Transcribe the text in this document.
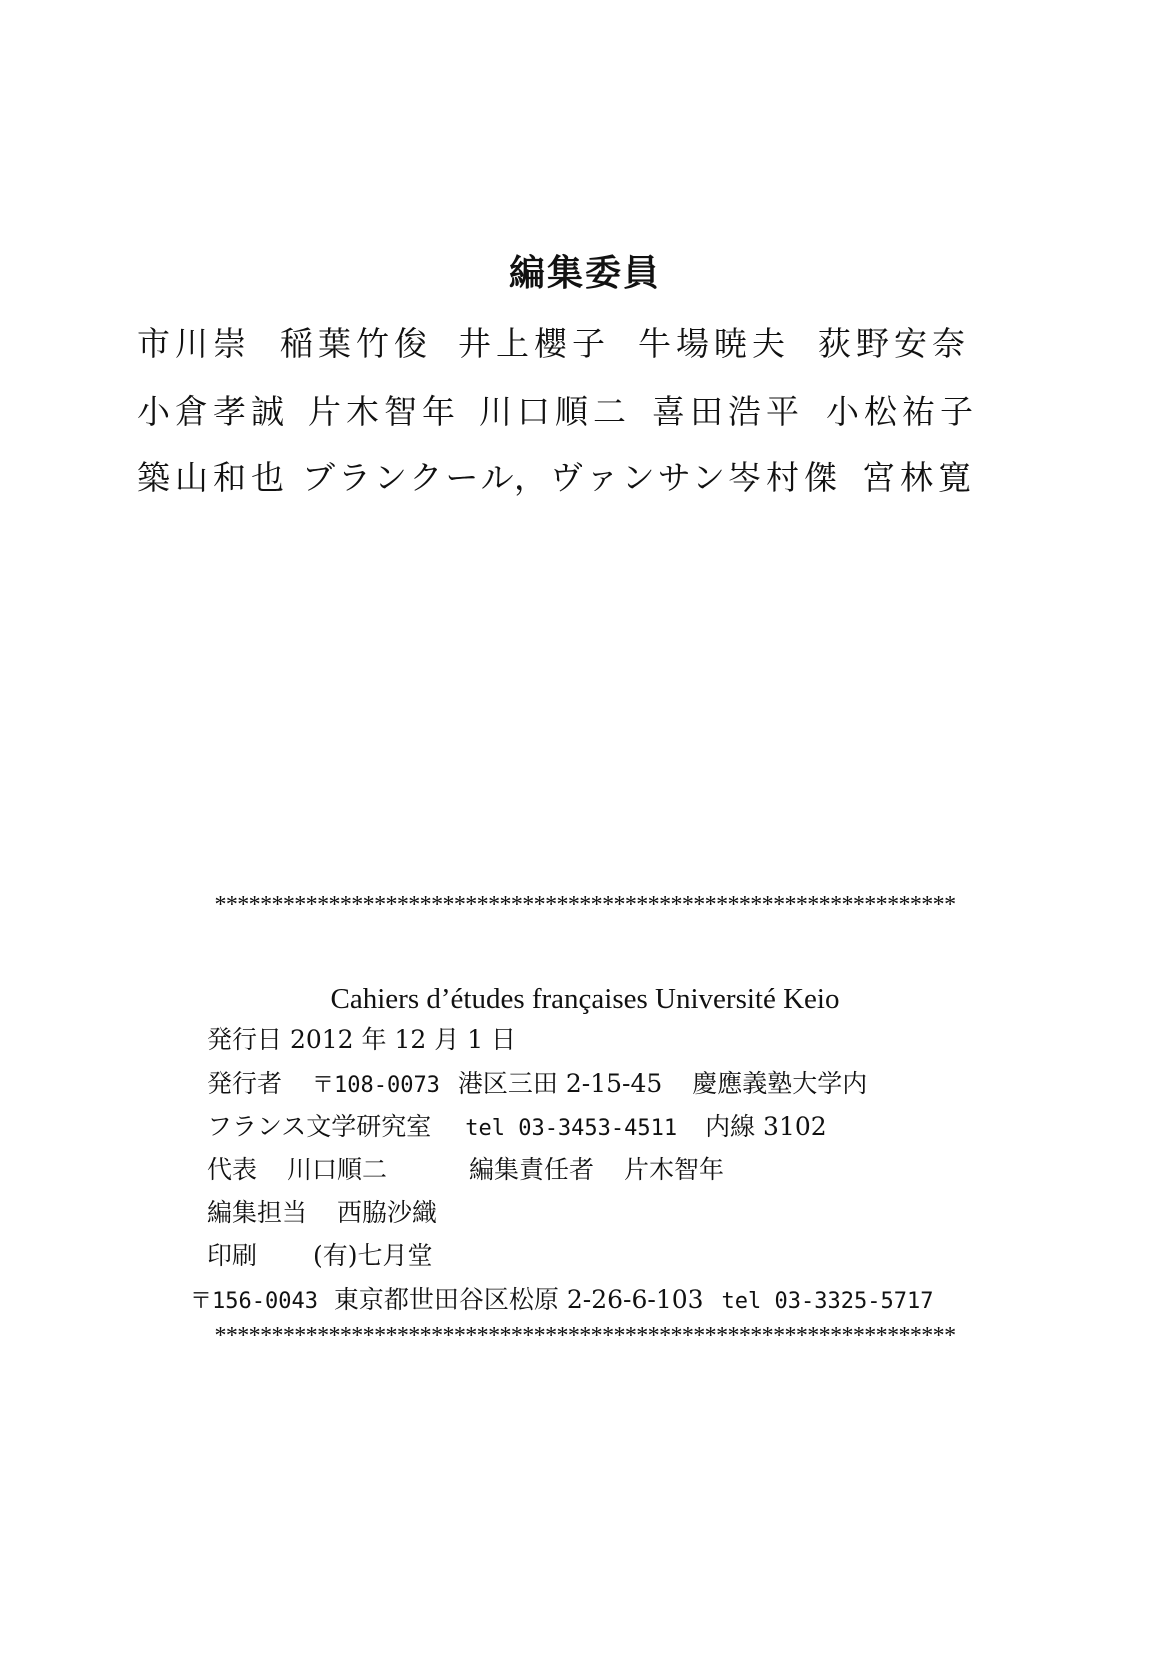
編集委員
市川崇 稲葉竹俊 井上櫻子 牛場暁夫 荻野安奈
小倉孝誠 片木智年 川口順二 喜田浩平 小松祐子
築山和也 ブランクール，ヴァンサン 岑村傑 宮林寛
*****************************************************************
Cahiers d’études françaises Université Keio
発行日 2012 年 12 月 1 日
発行者 〒108-0073 港区三田 2-15-45 慶應義塾大学内
フランス文学研究室 tel 03-3453-4511 内線 3102
代表 川口順二	編集責任者 片木智年
編集担当 西脇沙織
印刷 (有)七月堂
〒156-0043 東京都世田谷区松原 2-26-6-103 tel 03-3325-5717
*****************************************************************
